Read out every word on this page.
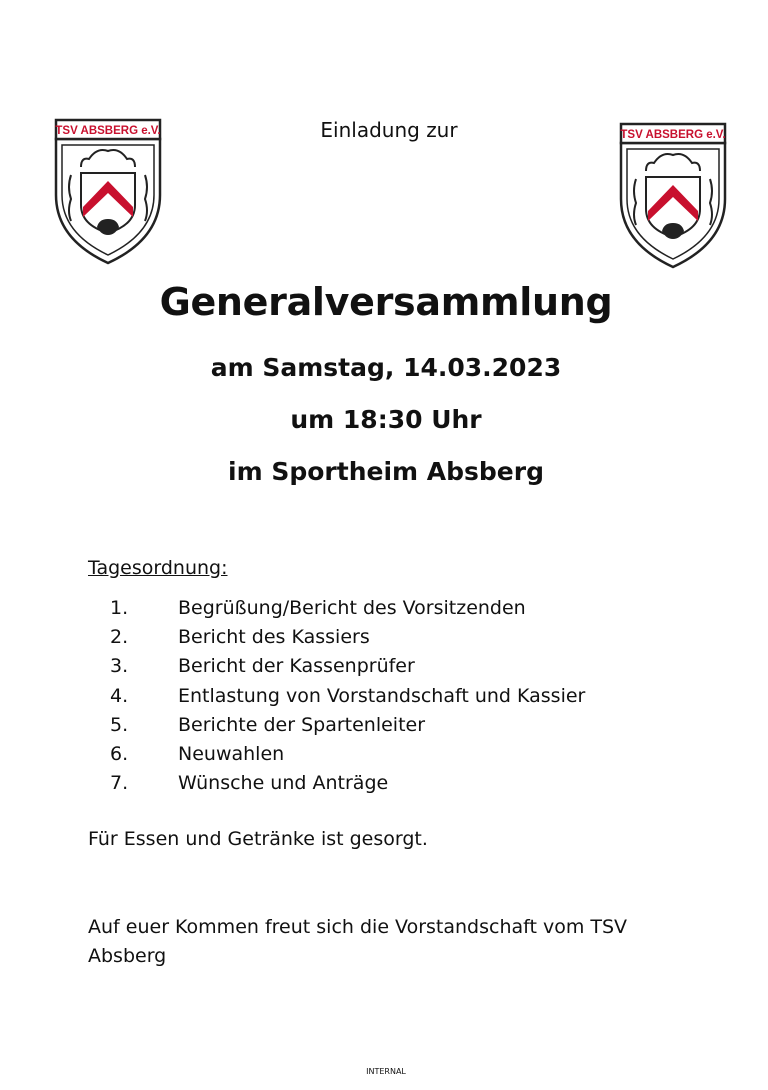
TSV ABSBERG e.V.	TSV ABSBERG e.V.
Einladung zur
Generalversammlung
am Samstag, 14.03.2023
um 18:30 Uhr
im Sportheim Absberg
Tagesordnung:
1.	Begrüßung/Bericht des Vorsitzenden
2.	Bericht des Kassiers
3.	Bericht der Kassenprüfer
4.	Entlastung von Vorstandschaft und Kassier
5.	Berichte der Spartenleiter
6.	Neuwahlen
7.	Wünsche und Anträge
Für Essen und Getränke ist gesorgt.
Auf euer Kommen freut sich die Vorstandschaft vom TSV Absberg
INTERNAL
